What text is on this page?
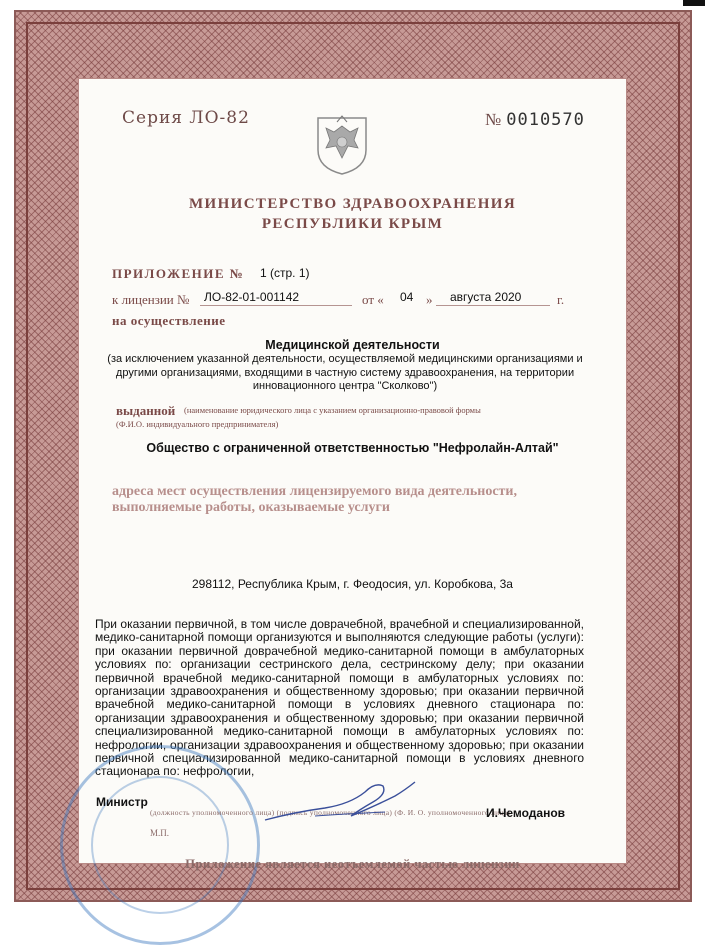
Серия ЛО-82	№ 0010570
МИНИСТЕРСТВО ЗДРАВООХРАНЕНИЯ
РЕСПУБЛИКИ КРЫМ
ПРИЛОЖЕНИЕ № 1 (стр. 1)
к лицензии № ЛО-82-01-001142	от « 04 » августа 2020	г.
на осуществление
Медицинской деятельности
(за исключением указанной деятельности, осуществляемой медицинскими организациями и другими организациями, входящими в частную систему здравоохранения, на территории инновационного центра "Сколково")
выданной (наименование юридического лица с указанием организационно-правовой формы
(Ф.И.О. индивидуального предпринимателя)
Общество с ограниченной ответственностью "Нефролайн-Алтай"
адреса мест осуществления лицензируемого вида деятельности, выполняемые работы, оказываемые услуги
298112, Республика Крым, г. Феодосия, ул. Коробкова, 3а
При оказании первичной, в том числе доврачебной, врачебной и специализированной, медико-санитарной помощи организуются и выполняются следующие работы (услуги): при оказании первичной доврачебной медико-санитарной помощи в амбулаторных условиях по: организации сестринского дела, сестринскому делу; при оказании первичной врачебной медико-санитарной помощи в амбулаторных условиях по: организации здравоохранения и общественному здоровью; при оказании первичной врачебной медико-санитарной помощи в условиях дневного стационара по: организации здравоохранения и общественному здоровью; при оказании первичной специализированной медико-санитарной помощи в амбулаторных условиях по: нефрологии, организации здравоохранения и общественному здоровью; при оказании первичной специализированной медико-санитарной помощи в условиях дневного стационара по: нефрологии,
Министр
(должность уполномоченного лица) (подпись уполномоченного лица) (Ф. И. О. уполномоченного лица)
И.Чемоданов
М.П.
Приложение является неотъемлемой частью лицензии
